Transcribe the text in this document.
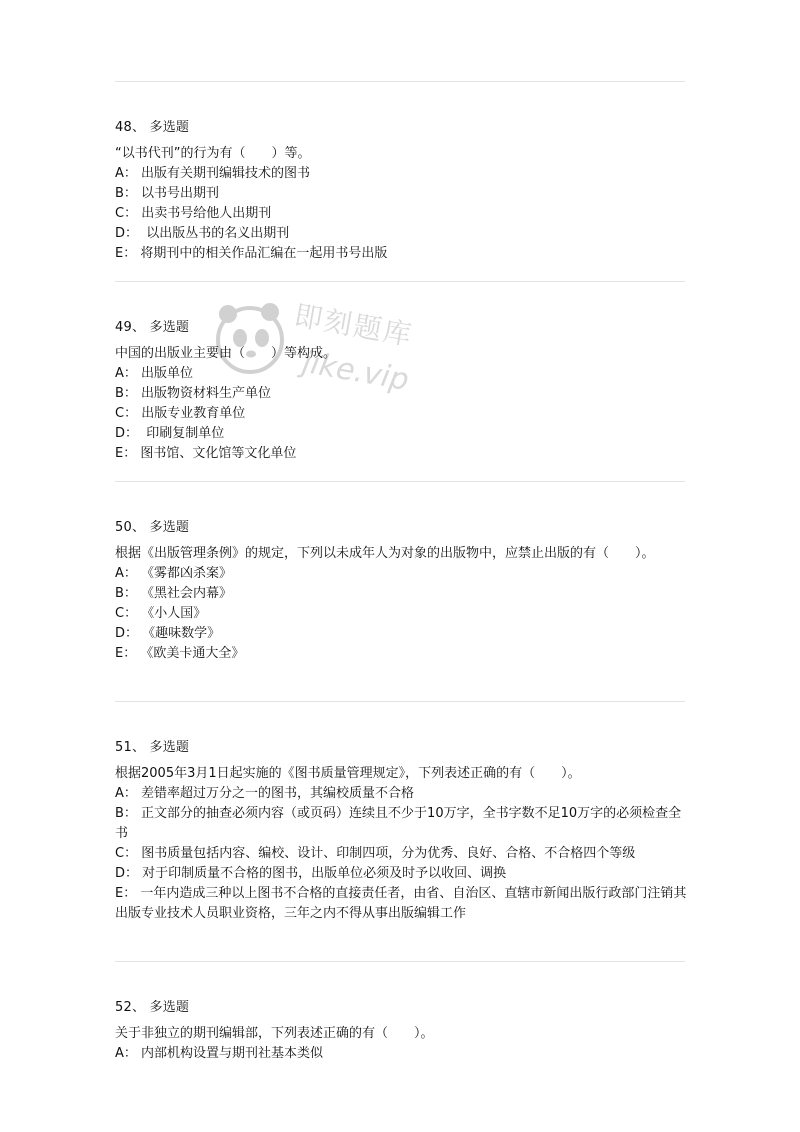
48、 多选题
“以书代刊”的行为有（　　）等。
A： 出版有关期刊编辑技术的图书
B： 以书号出期刊
C： 出卖书号给他人出期刊
D：  以出版丛书的名义出期刊
E： 将期刊中的相关作品汇编在一起用书号出版
49、 多选题
中国的出版业主要由（　　）等构成。
A： 出版单位
B： 出版物资材料生产单位
C： 出版专业教育单位
D：  印刷复制单位
E： 图书馆、文化馆等文化单位
50、 多选题
根据《出版管理条例》的规定，下列以未成年人为对象的出版物中，应禁止出版的有（　　）。
A： 《雾都凶杀案》
B： 《黑社会内幕》
C： 《小人国》
D： 《趣味数学》
E： 《欧美卡通大全》
51、 多选题
根据2005年3月1日起实施的《图书质量管理规定》，下列表述正确的有（　　）。
A： 差错率超过万分之一的图书，其编校质量不合格
B： 正文部分的抽查必须内容（或页码）连续且不少于10万字，全书字数不足10万字的必须检查全书
C： 图书质量包括内容、编校、设计、印制四项，分为优秀、良好、合格、不合格四个等级
D： 对于印制质量不合格的图书，出版单位必须及时予以收回、调换
E： 一年内造成三种以上图书不合格的直接责任者，由省、自治区、直辖市新闻出版行政部门注销其出版专业技术人员职业资格，三年之内不得从事出版编辑工作
52、 多选题
关于非独立的期刊编辑部，下列表述正确的有（　　）。
A： 内部机构设置与期刊社基本类似
即刻题库
jike.vip
